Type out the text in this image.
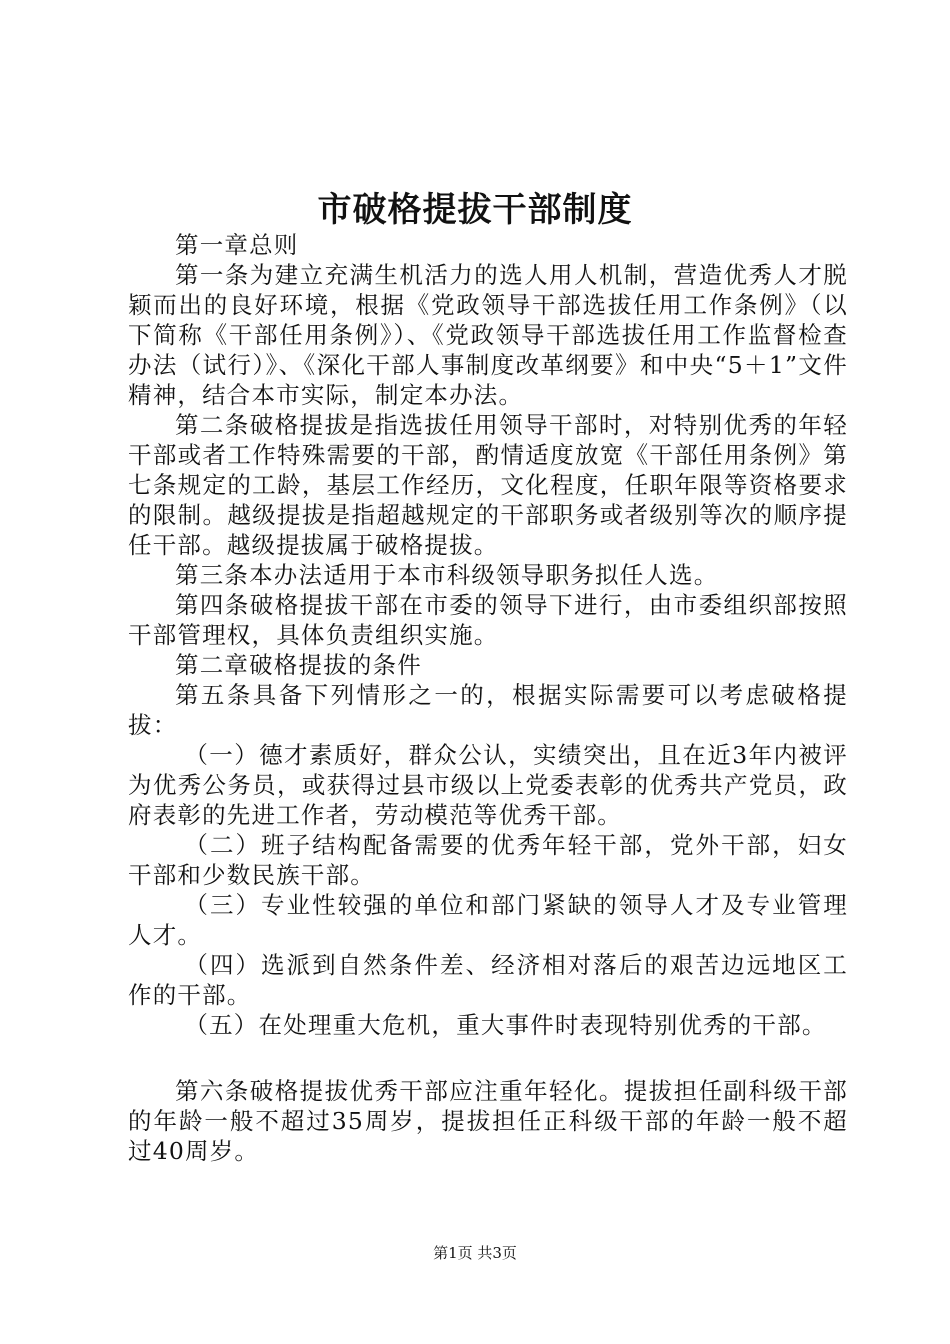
市破格提拔干部制度

第一章总则

第一条为建立充满生机活力的选人用人机制，营造优秀人才脱颖而出的良好环境，根据《党政领导干部选拔任用工作条例》（以下简称《干部任用条例》）、《党政领导干部选拔任用工作监督检查办法（试行）》、《深化干部人事制度改革纲要》和中央“5＋1”文件精神，结合本市实际，制定本办法。

第二条破格提拔是指选拔任用领导干部时，对特别优秀的年轻干部或者工作特殊需要的干部，酌情适度放宽《干部任用条例》第七条规定的工龄，基层工作经历，文化程度，任职年限等资格要求的限制。越级提拔是指超越规定的干部职务或者级别等次的顺序提任干部。越级提拔属于破格提拔。

第三条本办法适用于本市科级领导职务拟任人选。

第四条破格提拔干部在市委的领导下进行，由市委组织部按照干部管理权，具体负责组织实施。

第二章破格提拔的条件

第五条具备下列情形之一的，根据实际需要可以考虑破格提拔：

（一）德才素质好，群众公认，实绩突出，且在近3年内被评为优秀公务员，或获得过县市级以上党委表彰的优秀共产党员，政府表彰的先进工作者，劳动模范等优秀干部。

（二）班子结构配备需要的优秀年轻干部，党外干部，妇女干部和少数民族干部。

（三）专业性较强的单位和部门紧缺的领导人才及专业管理人才。

（四）选派到自然条件差、经济相对落后的艰苦边远地区工作的干部。

（五）在处理重大危机，重大事件时表现特别优秀的干部。

第六条破格提拔优秀干部应注重年轻化。提拔担任副科级干部的年龄一般不超过35周岁，提拔担任正科级干部的年龄一般不超过40周岁。

第1页 共3页
